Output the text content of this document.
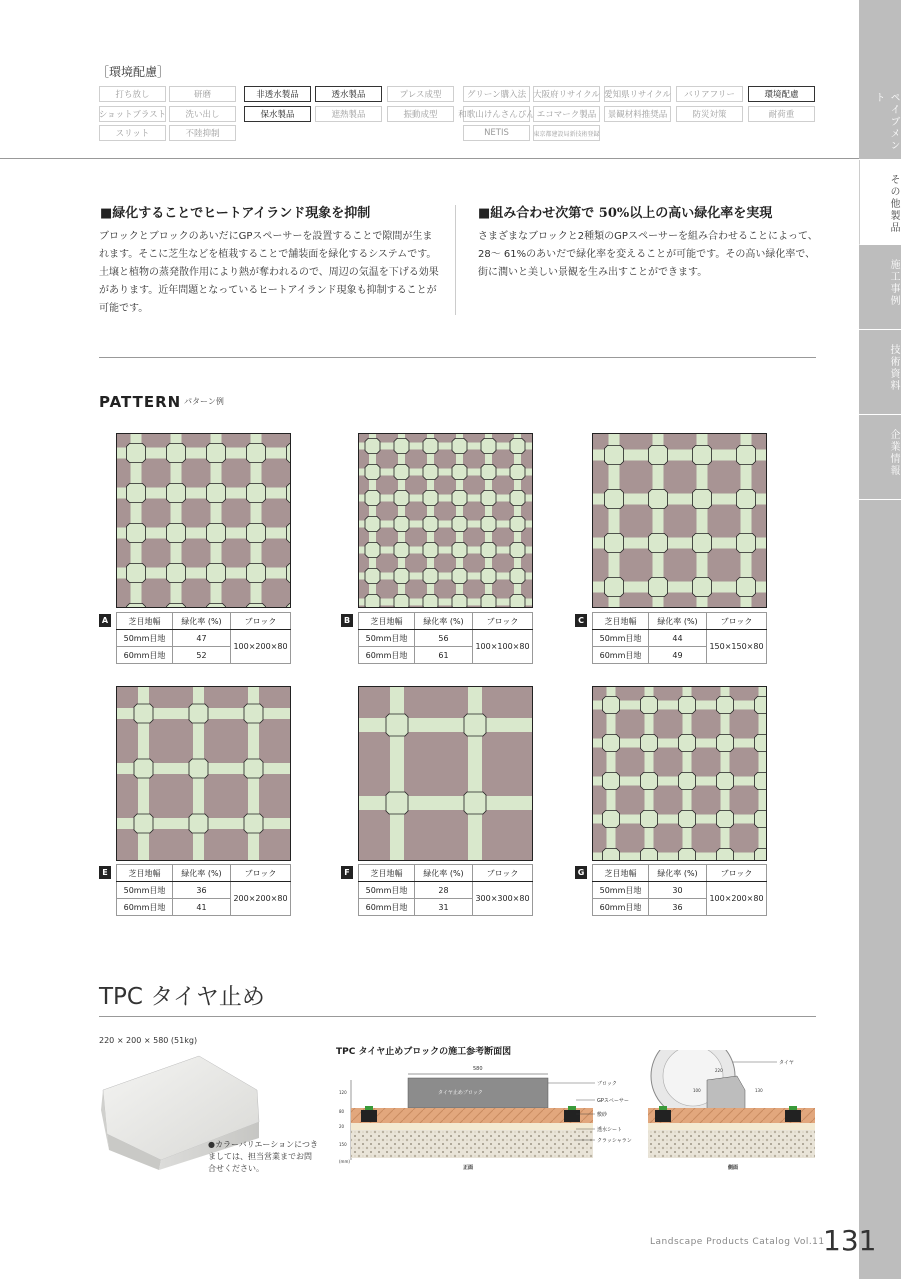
ペイブメント
その他製品
施工事例
技術資料
企業情報
［環境配慮］
打ち放し	研磨	非透水製品	透水製品	プレス成型	グリーン購入法 大阪府リサイクル 愛知県リサイクル	バリアフリー	環境配慮
ショットブラスト	洗い出し	保水製品	遮熱製品	振動成型	和歌山けんさんぴん エコマーク製品	景観材料推奨品	防災対策	耐荷重
スリット	不陸抑制	NETIS	東京都建設局新技術登録
■緑化することでヒートアイランド現象を抑制
ブロックとブロックのあいだにGPスペーサーを設置することで隙間が生まれます。そこに芝生などを植栽することで舗装面を緑化するシステムです。土壌と植物の蒸発散作用により熱が奪われるので、周辺の気温を下げる効果があります。近年問題となっているヒートアイランド現象も抑制することが可能です。
■組み合わせ次第で 50%以上の高い緑化率を実現
さまざまなブロックと2種類のGPスペーサーを組み合わせることによって、28～ 61%のあいだで緑化率を変えることが可能です。その高い緑化率で、街に潤いと美しい景観を生み出すことができます。
PATTERN パターン例
A	芝目地幅	緑化率 (%)	ブロック
50mm目地	47	100×200×80
60mm目地	52	
B	芝目地幅	緑化率 (%)	ブロック
50mm目地	56	100×100×80
60mm目地	61	
C	芝目地幅	緑化率 (%)	ブロック
50mm目地	44	150×150×80
60mm目地	49	
E	芝目地幅	緑化率 (%)	ブロック
50mm目地	36	200×200×80
60mm目地	41	
F	芝目地幅	緑化率 (%)	ブロック
50mm目地	28	300×300×80
60mm目地	31	
G	芝目地幅	緑化率 (%)	ブロック
50mm目地	30	100×200×80
60mm目地	36	
TPC タイヤ止め
220 × 200 × 580 (51kg)
●カラーバリエーションにつきましては、担当営業までお問合せください。
TPC タイヤ止めブロックの施工参考断面図
580
(mm)
120
80
20
150
タイヤ止めブロック
正面
ブロック
GPスペーサー
敷砂
透水シート
クラッシャラン
タイヤ
220
100	130
側面
Landscape Products Catalog Vol.11
131
